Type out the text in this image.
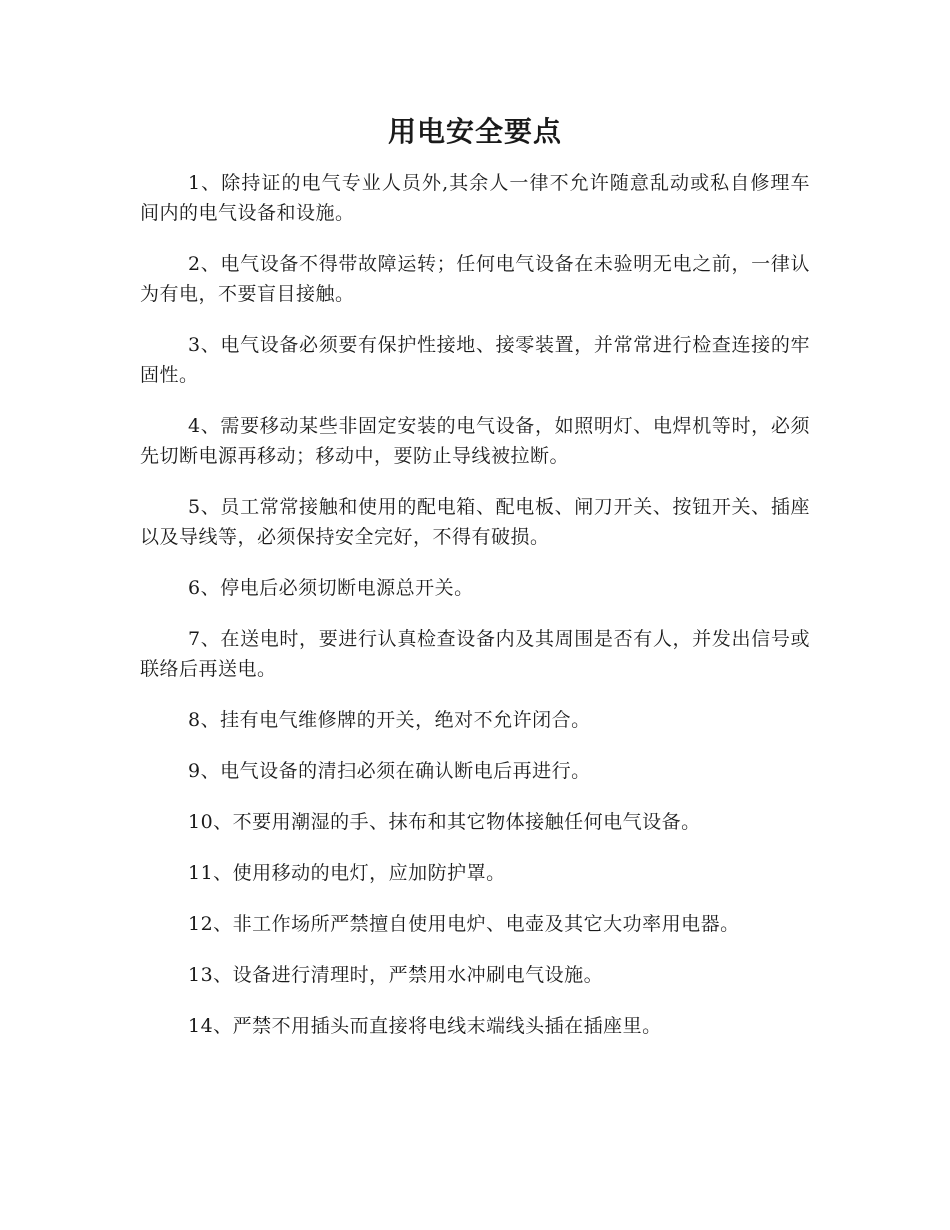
用电安全要点

1、除持证的电气专业人员外,其余人一律不允许随意乱动或私自修理车间内的电气设备和设施。

2、电气设备不得带故障运转；任何电气设备在未验明无电之前，一律认为有电，不要盲目接触。

3、电气设备必须要有保护性接地、接零装置，并常常进行检查连接的牢固性。

4、需要移动某些非固定安装的电气设备，如照明灯、电焊机等时，必须先切断电源再移动；移动中，要防止导线被拉断。

5、员工常常接触和使用的配电箱、配电板、闸刀开关、按钮开关、插座以及导线等，必须保持安全完好，不得有破损。

6、停电后必须切断电源总开关。

7、在送电时，要进行认真检查设备内及其周围是否有人，并发出信号或联络后再送电。

8、挂有电气维修牌的开关，绝对不允许闭合。

9、电气设备的清扫必须在确认断电后再进行。

10、不要用潮湿的手、抹布和其它物体接触任何电气设备。

11、使用移动的电灯，应加防护罩。

12、非工作场所严禁擅自使用电炉、电壶及其它大功率用电器。

13、设备进行清理时，严禁用水冲刷电气设施。

14、严禁不用插头而直接将电线末端线头插在插座里。
